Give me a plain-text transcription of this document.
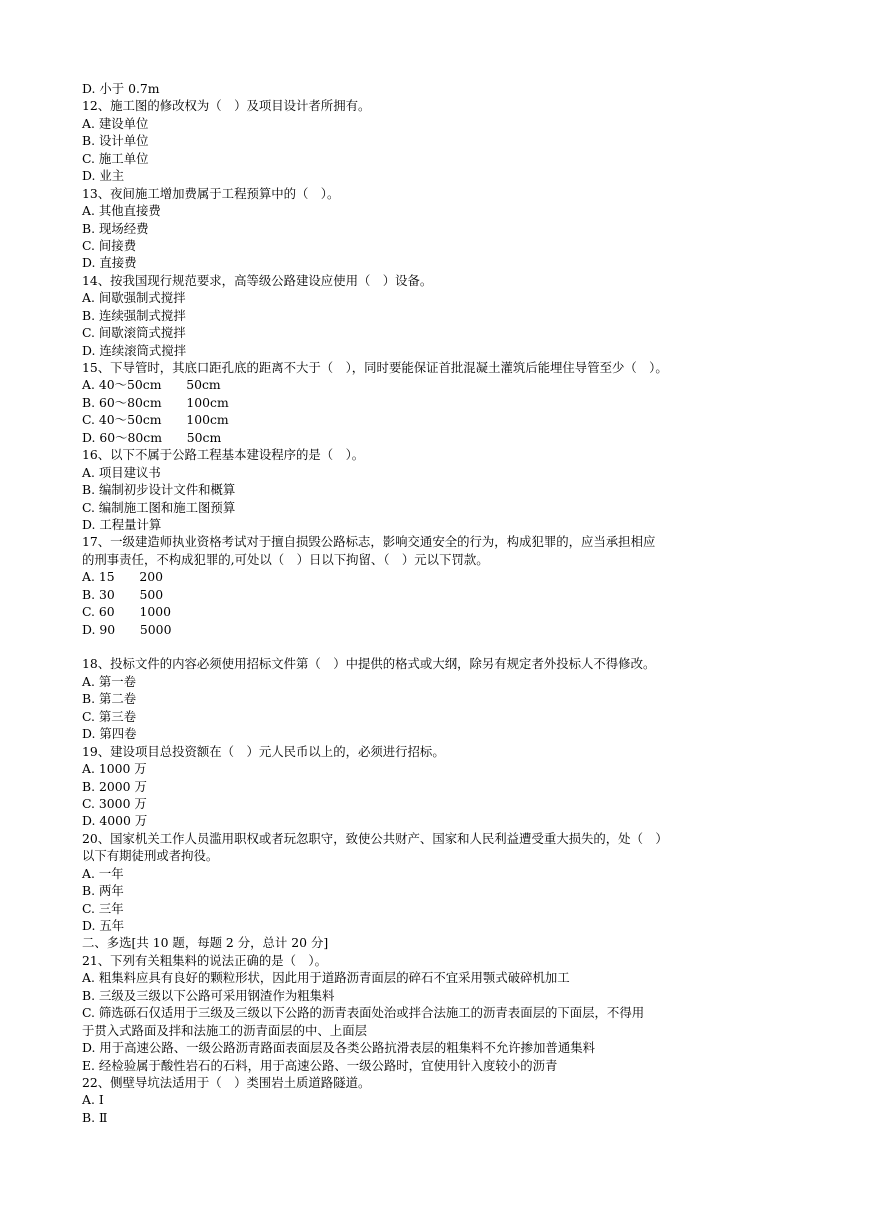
D. 小于 0.7m
12、施工图的修改权为（　）及项目设计者所拥有。
A. 建设单位
B. 设计单位
C. 施工单位
D. 业主
13、夜间施工增加费属于工程预算中的（　）。
A. 其他直接费
B. 现场经费
C. 间接费
D. 直接费
14、按我国现行规范要求，高等级公路建设应使用（　）设备。
A. 间歇强制式搅拌
B. 连续强制式搅拌
C. 间歇滚筒式搅拌
D. 连续滚筒式搅拌
15、下导管时，其底口距孔底的距离不大于（　），同时要能保证首批混凝土灌筑后能埋住导管至少（　）。
A. 40～50cm　　50cm
B. 60～80cm　　100cm
C. 40～50cm　　100cm
D. 60～80cm　　50cm
16、以下不属于公路工程基本建设程序的是（　）。
A. 项目建议书
B. 编制初步设计文件和概算
C. 编制施工图和施工图预算
D. 工程量计算
17、一级建造师执业资格考试对于擅自损毁公路标志，影响交通安全的行为，构成犯罪的，应当承担相应
的刑事责任，不构成犯罪的,可处以（　）日以下拘留、（　）元以下罚款。
A. 15　　200
B. 30　　500
C. 60　　1000
D. 90　　5000
18、投标文件的内容必须使用招标文件第（　）中提供的格式或大纲，除另有规定者外投标人不得修改。
A. 第一卷
B. 第二卷
C. 第三卷
D. 第四卷
19、建设项目总投资额在（　）元人民币以上的，必须进行招标。
A. 1000 万
B. 2000 万
C. 3000 万
D. 4000 万
20、国家机关工作人员滥用职权或者玩忽职守，致使公共财产、国家和人民利益遭受重大损失的，处（　）
以下有期徒刑或者拘役。
A. 一年
B. 两年
C. 三年
D. 五年
二、多选[共 10 题，每题 2 分，总计 20 分]
21、下列有关粗集料的说法正确的是（　）。
A. 粗集料应具有良好的颗粒形状，因此用于道路沥青面层的碎石不宜采用颚式破碎机加工
B. 三级及三级以下公路可采用钢渣作为粗集料
C. 筛选砾石仅适用于三级及三级以下公路的沥青表面处治或拌合法施工的沥青表面层的下面层，不得用
于贯入式路面及拌和法施工的沥青面层的中、上面层
D. 用于高速公路、一级公路沥青路面表面层及各类公路抗滑表层的粗集料不允许掺加普通集料
E. 经检验属于酸性岩石的石料，用于高速公路、一级公路时，宜使用针入度较小的沥青
22、侧壁导坑法适用于（　）类围岩土质道路隧道。
A. Ⅰ
B. Ⅱ
